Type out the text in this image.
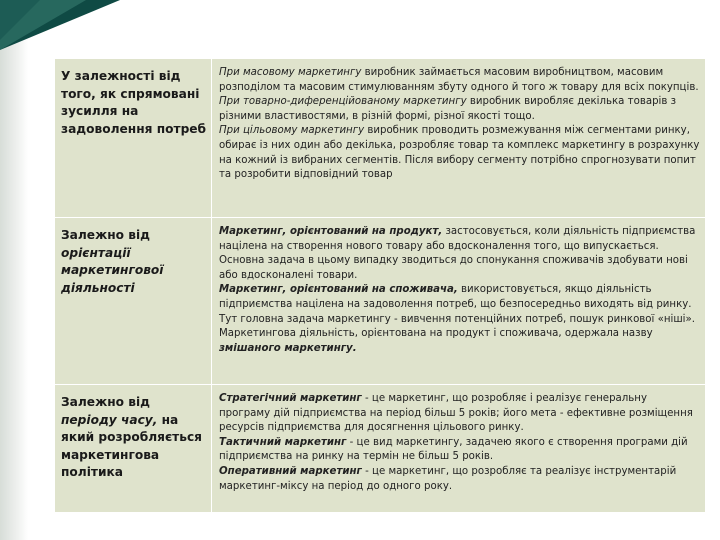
У залежності від того, як спрямовані зусилля на задоволення потреб	При масовому маркетингу виробник займається масовим виробництвом, масовим розподілом та масовим стимулюванням збуту одного й того ж товару для всіх покупців.

При товарно-диференційованому маркетингу виробник виробляє декілька товарів з різними властивостями, в різній формі, різної якості тощо.

При цільовому маркетингу виробник проводить розмежування між сегментами ринку, обирає із них один або декілька, розробляє товар та комплекс маркетингу в розрахунку на кожний із вибраних сегментів. Після вибору сегменту потрібно спрогнозувати попит та розробити відповідний товар

Залежно від орієнтації маркетингової діяльності	Маркетинг, орієнтований на продукт, застосовується, коли діяльність підприємства націлена на створення нового товару або вдосконалення того, що випускається. Основна задача в цьому випадку зводиться до спонукання споживачів здобувати нові або вдосконалені товари.

Маркетинг, орієнтований на споживача, використовується, якщо діяльність підприємства націлена на задоволення потреб, що безпосередньо виходять від ринку. Тут головна задача маркетингу - вивчення потенційних потреб, пошук ринкової «ніші».

Маркетингова діяльність, орієнтована на продукт і споживача, одержала назву змішаного маркетингу.

Залежно від періоду часу, на який розробляється маркетингова політика	Стратегічний маркетинг - це маркетинг, що розробляє і реалізує генеральну програму дій підприємства на період більш 5 років; його мета - ефективне розміщення ресурсів підприємства для досягнення цільового ринку.

Тактичний маркетинг - це вид маркетингу, задачею якого є створення програми дій підприємства на ринку на термін не більш 5 років.

Оперативний маркетинг - це маркетинг, що розробляє та реалізує інструментарій маркетинг-міксу на період до одного року.
